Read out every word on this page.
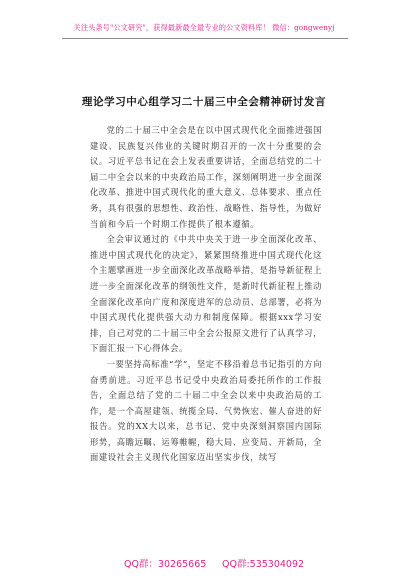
关注头条号"公文研究"，获得最新最全最专业的公文资料库！ 微信：gongwenyj
理论学习中心组学习二十届三中全会精神研讨发言

党的二十届三中全会是在以中国式现代化全面推进强国建设、民族复兴伟业的关键时期召开的一次十分重要的会议。习近平总书记在会上发表重要讲话，全面总结党的二十届二中全会以来的中央政治局工作，深刻阐明进一步全面深化改革、推进中国式现代化的重大意义、总体要求、重点任务，具有很强的思想性、政治性、战略性、指导性，为做好当前和今后一个时期工作提供了根本遵循。

全会审议通过的《中共中央关于进一步全面深化改革、推进中国式现代化的决定》，紧紧围绕推进中国式现代化这个主题擘画进一步全面深化改革战略举措，是指导新征程上进一步全面深化改革的纲领性文件，是新时代新征程上推动全面深化改革向广度和深度进军的总动员、总部署，必将为中国式现代化提供强大动力和制度保障。根据xxx学习安排，自己对党的二十届三中全会公报原文进行了认真学习，下面汇报一下心得体会。

一要坚持高标准“学”，坚定不移沿着总书记指引的方向奋勇前进。习近平总书记受中央政治局委托所作的工作报告，全面总结了党的二十届二中全会以来中央政治局的工作，是一个高屋建瓴、统揽全局、气势恢宏、催人奋进的好报告。党的XX大以来，总书记、党中央深刻洞察国内国际形势，高瞻远瞩、运筹帷幄，稳大局、应变局、开新局，全面建设社会主义现代化国家迈出坚实步伐，续写

QQ群：30265665 QQ群:535304092
